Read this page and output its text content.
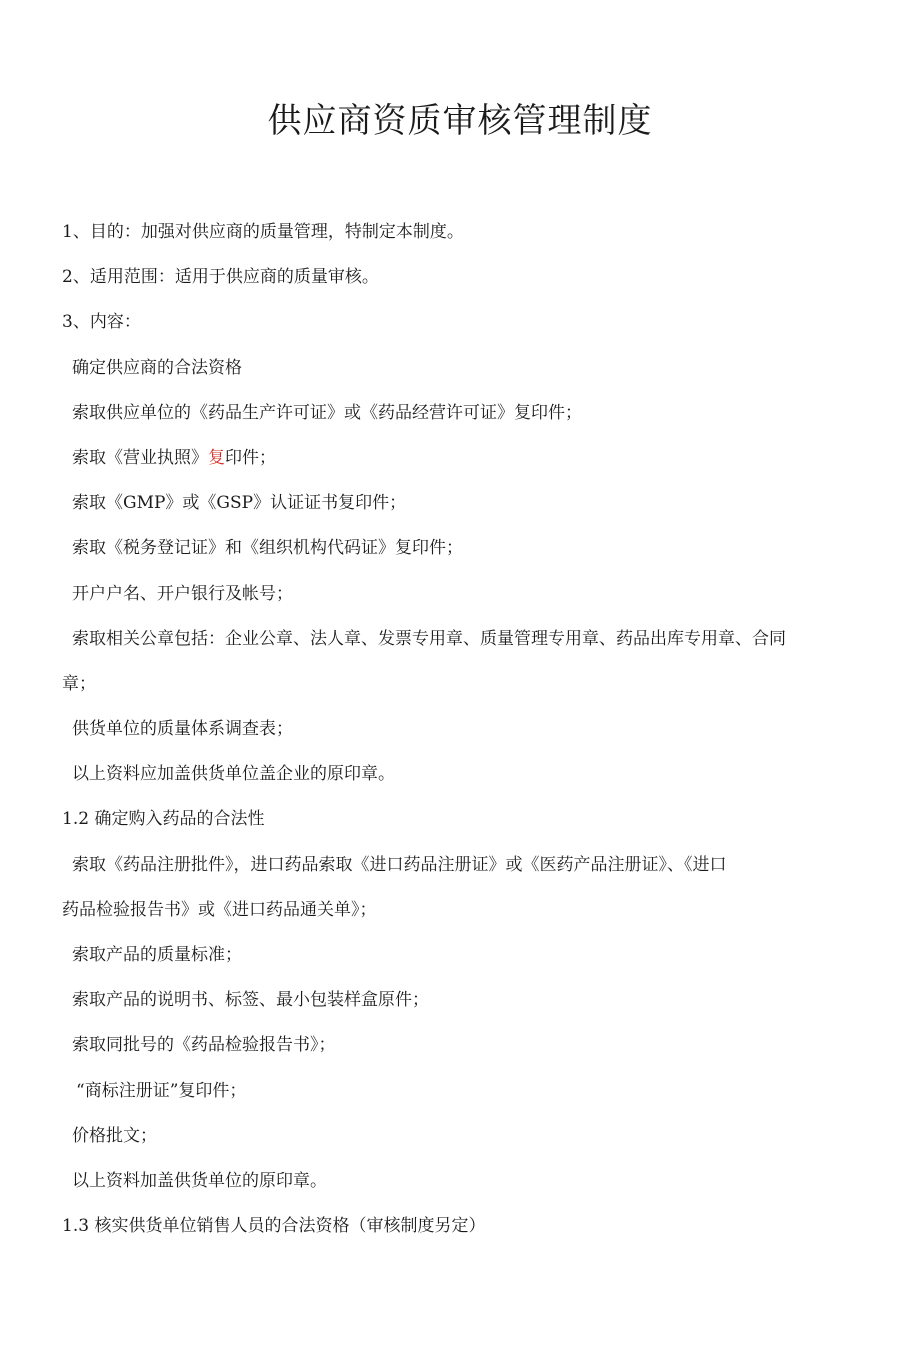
供应商资质审核管理制度

1、目的：加强对供应商的质量管理，特制定本制度。

2、适用范围：适用于供应商的质量审核。

3、内容：

确定供应商的合法资格

索取供应单位的《药品生产许可证》或《药品经营许可证》复印件；

索取《营业执照》复印件；

索取《GMP》或《GSP》认证证书复印件；

索取《税务登记证》和《组织机构代码证》复印件；

开户户名、开户银行及帐号；

索取相关公章包括：企业公章、法人章、发票专用章、质量管理专用章、药品出库专用章、合同

章；

供货单位的质量体系调查表；

以上资料应加盖供货单位盖企业的原印章。

1.2 确定购入药品的合法性

索取《药品注册批件》，进口药品索取《进口药品注册证》或《医药产品注册证》、《进口

药品检验报告书》或《进口药品通关单》；

索取产品的质量标准；

索取产品的说明书、标签、最小包装样盒原件；

索取同批号的《药品检验报告书》；

“商标注册证”复印件；

价格批文；

以上资料加盖供货单位的原印章。

1.3 核实供货单位销售人员的合法资格（审核制度另定）
